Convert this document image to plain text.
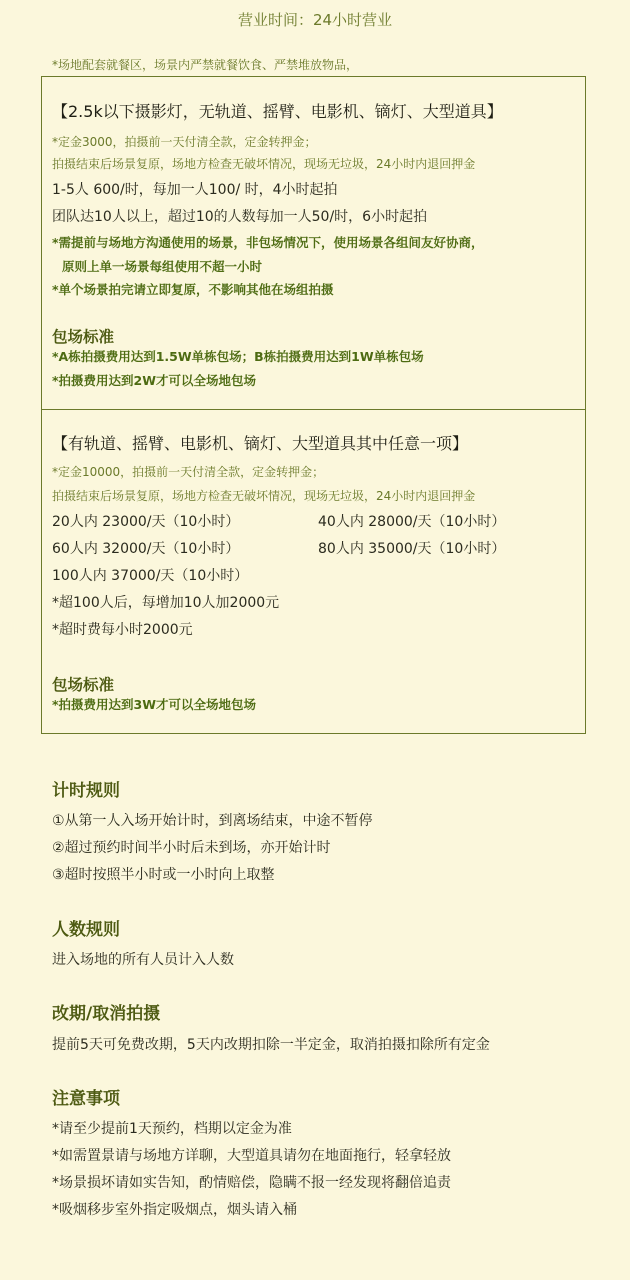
营业时间：24小时营业
*场地配套就餐区，场景内严禁就餐饮食、严禁堆放物品，
【2.5k以下摄影灯，无轨道、摇臂、电影机、镝灯、大型道具】
*定金3000，拍摄前一天付清全款，定金转押金；
拍摄结束后场景复原，场地方检查无破坏情况，现场无垃圾，24小时内退回押金
1-5人 600/时，每加一人100/ 时，4小时起拍
团队达10人以上，超过10的人数每加一人50/时，6小时起拍
*需提前与场地方沟通使用的场景，非包场情况下，使用场景各组间友好协商，
原则上单一场景每组使用不超一小时
*单个场景拍完请立即复原，不影响其他在场组拍摄
包场标准
*A栋拍摄费用达到1.5W单栋包场；B栋拍摄费用达到1W单栋包场
*拍摄费用达到2W才可以全场地包场
【有轨道、摇臂、电影机、镝灯、大型道具其中任意一项】
*定金10000，拍摄前一天付清全款，定金转押金；
拍摄结束后场景复原，场地方检查无破坏情况，现场无垃圾，24小时内退回押金
20人内 23000/天（10小时）	40人内 28000/天（10小时）
60人内 32000/天（10小时）	80人内 35000/天（10小时）
100人内 37000/天（10小时）
*超100人后，每增加10人加2000元
*超时费每小时2000元
包场标准
*拍摄费用达到3W才可以全场地包场
计时规则
①从第一人入场开始计时，到离场结束，中途不暂停
②超过预约时间半小时后未到场，亦开始计时
③超时按照半小时或一小时向上取整
人数规则
进入场地的所有人员计入人数
改期/取消拍摄
提前5天可免费改期，5天内改期扣除一半定金，取消拍摄扣除所有定金
注意事项
*请至少提前1天预约，档期以定金为准
*如需置景请与场地方详聊，大型道具请勿在地面拖行，轻拿轻放
*场景损坏请如实告知，酌情赔偿，隐瞒不报一经发现将翻倍追责
*吸烟移步室外指定吸烟点，烟头请入桶
